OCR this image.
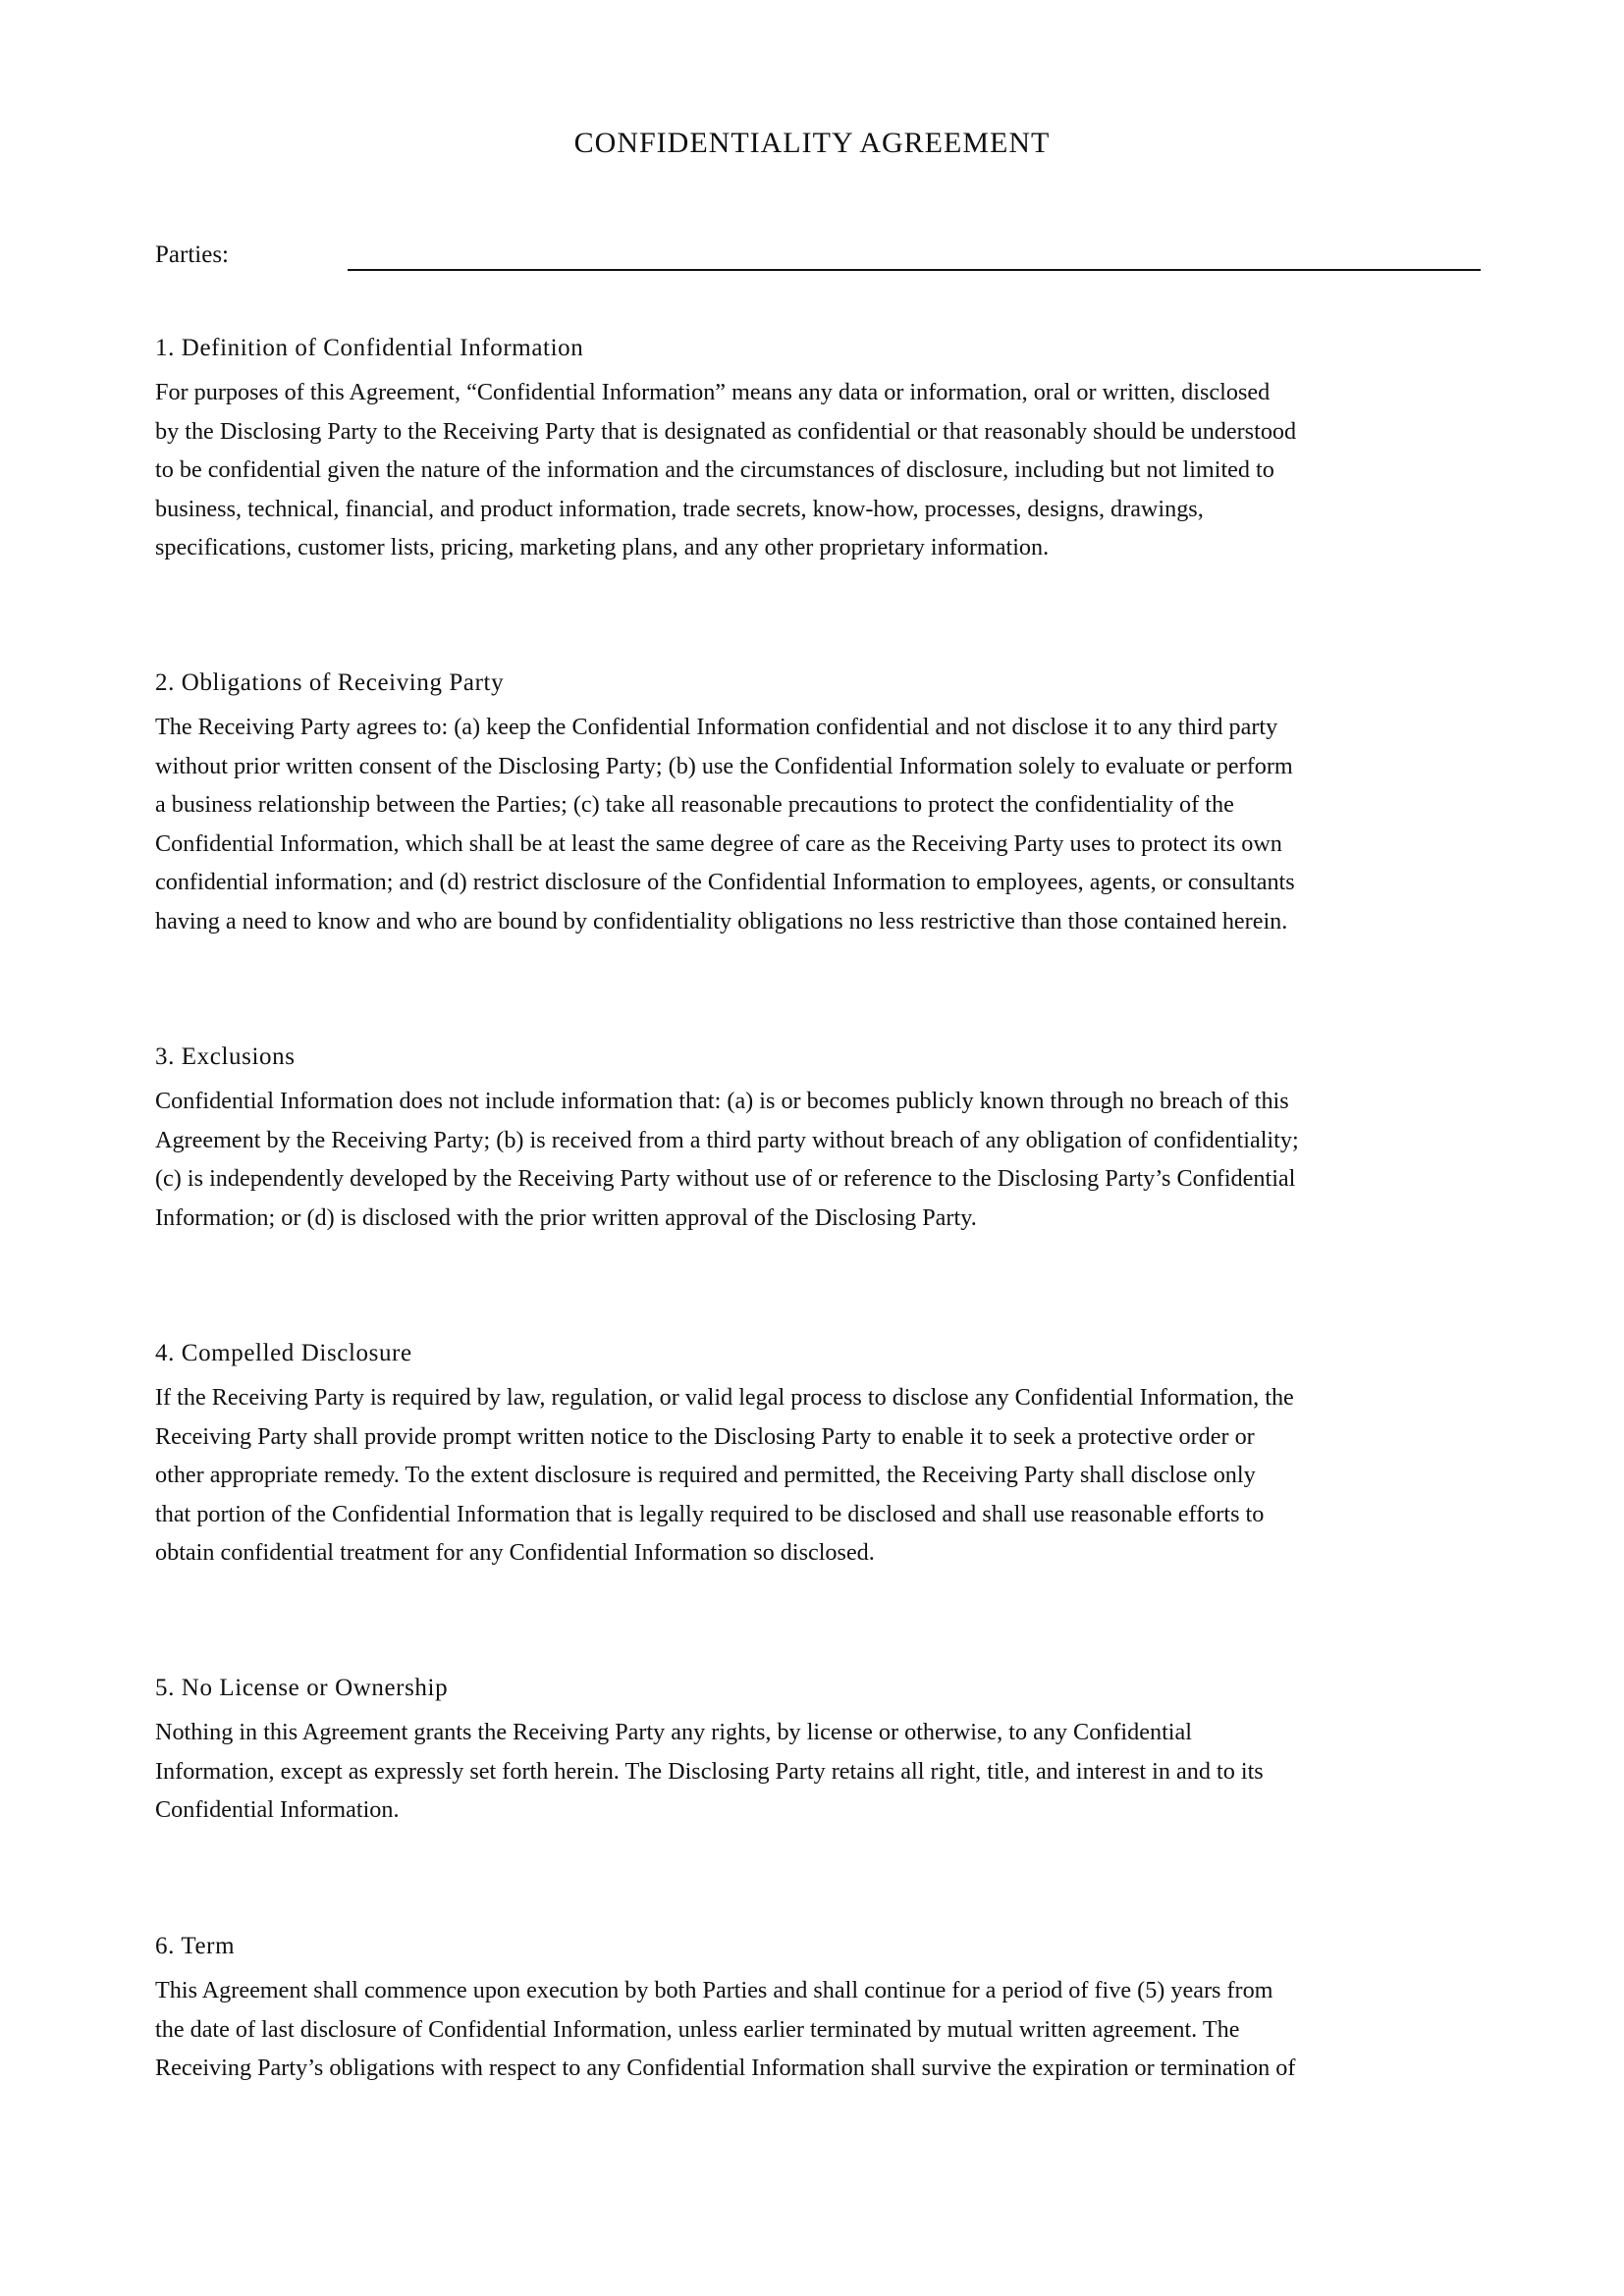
CONFIDENTIALITY AGREEMENT
Parties:
1. Definition of Confidential Information

For purposes of this Agreement, “Confidential Information” means any data or information, oral or written, disclosed
by the Disclosing Party to the Receiving Party that is designated as confidential or that reasonably should be understood
to be confidential given the nature of the information and the circumstances of disclosure, including but not limited to
business, technical, financial, and product information, trade secrets, know-how, processes, designs, drawings,
specifications, customer lists, pricing, marketing plans, and any other proprietary information.

2. Obligations of Receiving Party

The Receiving Party agrees to: (a) keep the Confidential Information confidential and not disclose it to any third party
without prior written consent of the Disclosing Party; (b) use the Confidential Information solely to evaluate or perform
a business relationship between the Parties; (c) take all reasonable precautions to protect the confidentiality of the
Confidential Information, which shall be at least the same degree of care as the Receiving Party uses to protect its own
confidential information; and (d) restrict disclosure of the Confidential Information to employees, agents, or consultants
having a need to know and who are bound by confidentiality obligations no less restrictive than those contained herein.

3. Exclusions

Confidential Information does not include information that: (a) is or becomes publicly known through no breach of this
Agreement by the Receiving Party; (b) is received from a third party without breach of any obligation of confidentiality;
(c) is independently developed by the Receiving Party without use of or reference to the Disclosing Party’s Confidential
Information; or (d) is disclosed with the prior written approval of the Disclosing Party.

4. Compelled Disclosure

If the Receiving Party is required by law, regulation, or valid legal process to disclose any Confidential Information, the
Receiving Party shall provide prompt written notice to the Disclosing Party to enable it to seek a protective order or
other appropriate remedy. To the extent disclosure is required and permitted, the Receiving Party shall disclose only
that portion of the Confidential Information that is legally required to be disclosed and shall use reasonable efforts to
obtain confidential treatment for any Confidential Information so disclosed.

5. No License or Ownership

Nothing in this Agreement grants the Receiving Party any rights, by license or otherwise, to any Confidential
Information, except as expressly set forth herein. The Disclosing Party retains all right, title, and interest in and to its
Confidential Information.

6. Term

This Agreement shall commence upon execution by both Parties and shall continue for a period of five (5) years from
the date of last disclosure of Confidential Information, unless earlier terminated by mutual written agreement. The
Receiving Party’s obligations with respect to any Confidential Information shall survive the expiration or termination of
